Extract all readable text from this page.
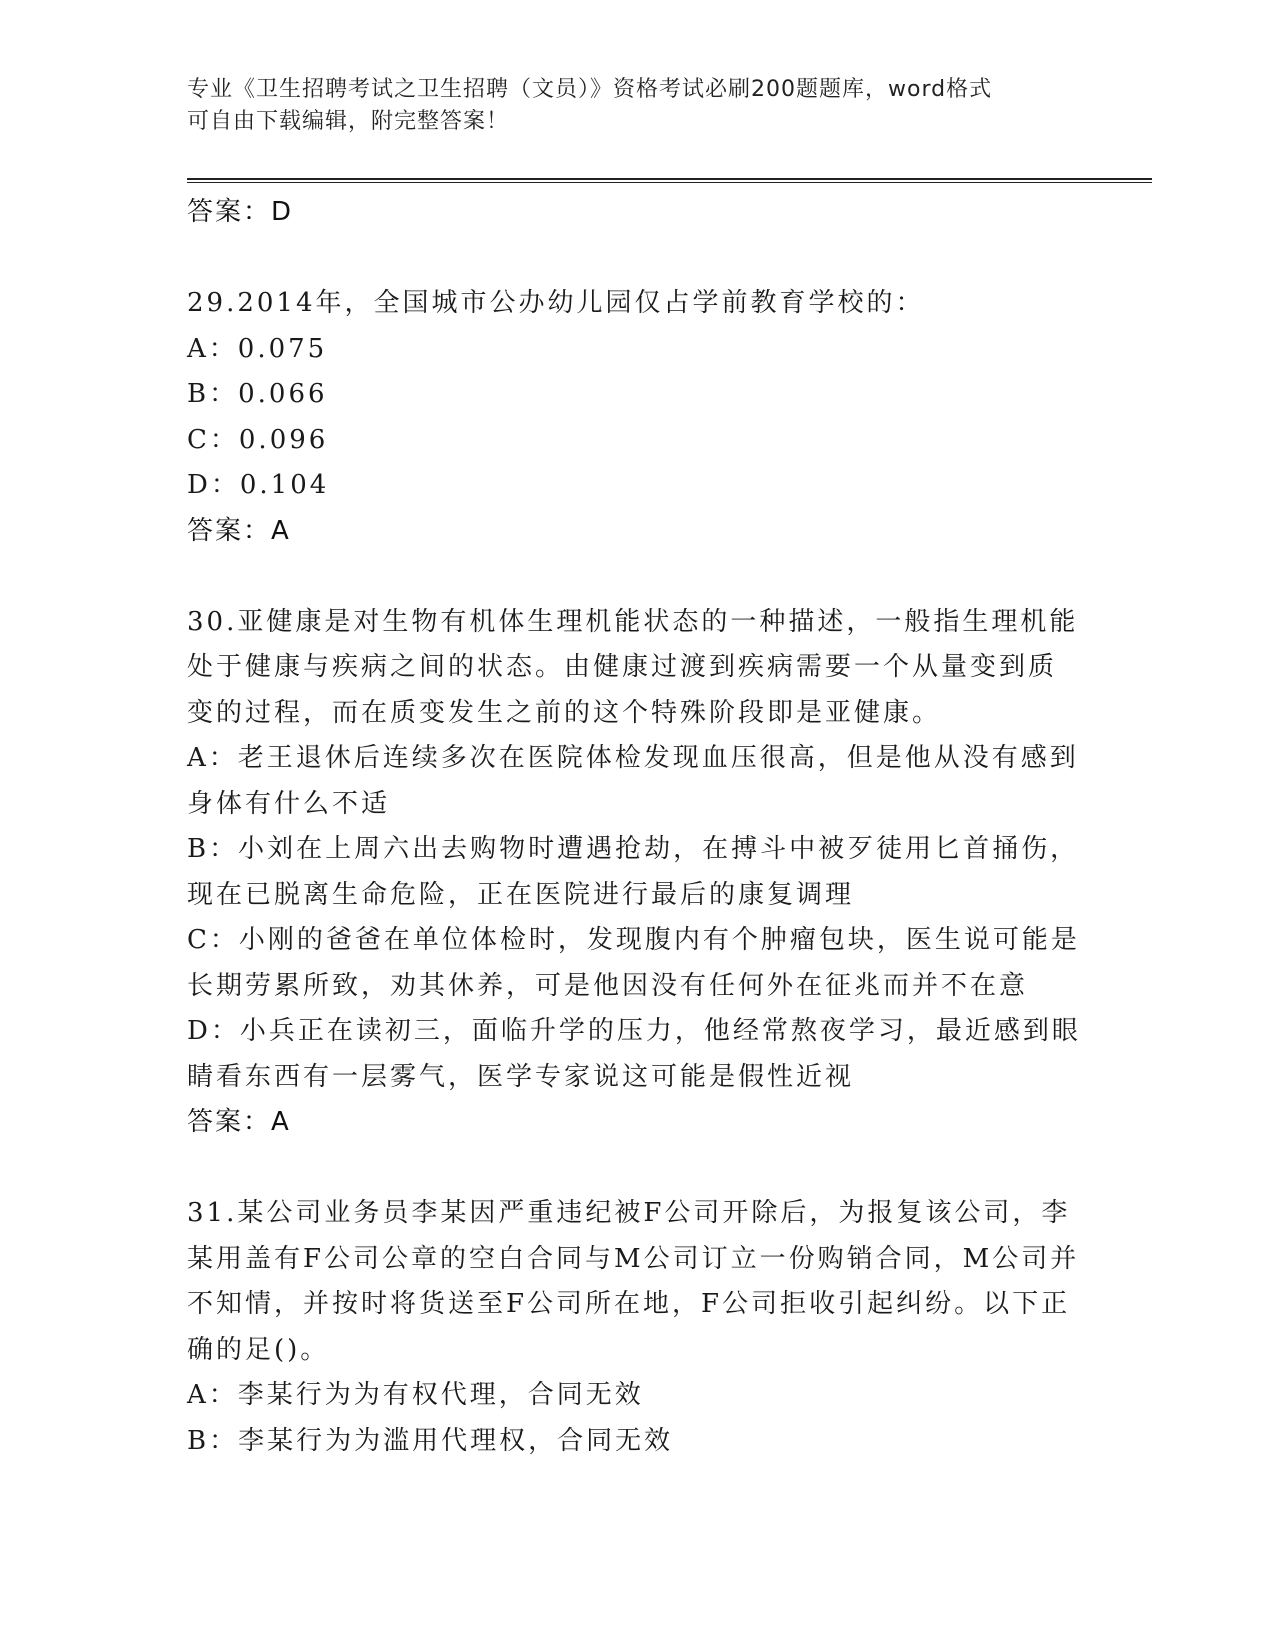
专业《卫生招聘考试之卫生招聘（文员）》资格考试必刷200题题库，word格式
可自由下载编辑，附完整答案！
答案：D
29.2014年，全国城市公办幼儿园仅占学前教育学校的：
A：0.075
B：0.066
C：0.096
D：0.104
答案：A
30.亚健康是对生物有机体生理机能状态的一种描述，一般指生理机能
处于健康与疾病之间的状态。由健康过渡到疾病需要一个从量变到质
变的过程，而在质变发生之前的这个特殊阶段即是亚健康。
A：老王退休后连续多次在医院体检发现血压很高，但是他从没有感到
身体有什么不适
B：小刘在上周六出去购物时遭遇抢劫，在搏斗中被歹徒用匕首捅伤，
现在已脱离生命危险，正在医院进行最后的康复调理
C：小刚的爸爸在单位体检时，发现腹内有个肿瘤包块，医生说可能是
长期劳累所致，劝其休养，可是他因没有任何外在征兆而并不在意
D：小兵正在读初三，面临升学的压力，他经常熬夜学习，最近感到眼
睛看东西有一层雾气，医学专家说这可能是假性近视
答案：A
31.某公司业务员李某因严重违纪被F公司开除后，为报复该公司，李
某用盖有F公司公章的空白合同与M公司订立一份购销合同，M公司并
不知情，并按时将货送至F公司所在地，F公司拒收引起纠纷。以下正
确的足()。
A：李某行为为有权代理，合同无效
B：李某行为为滥用代理权，合同无效
